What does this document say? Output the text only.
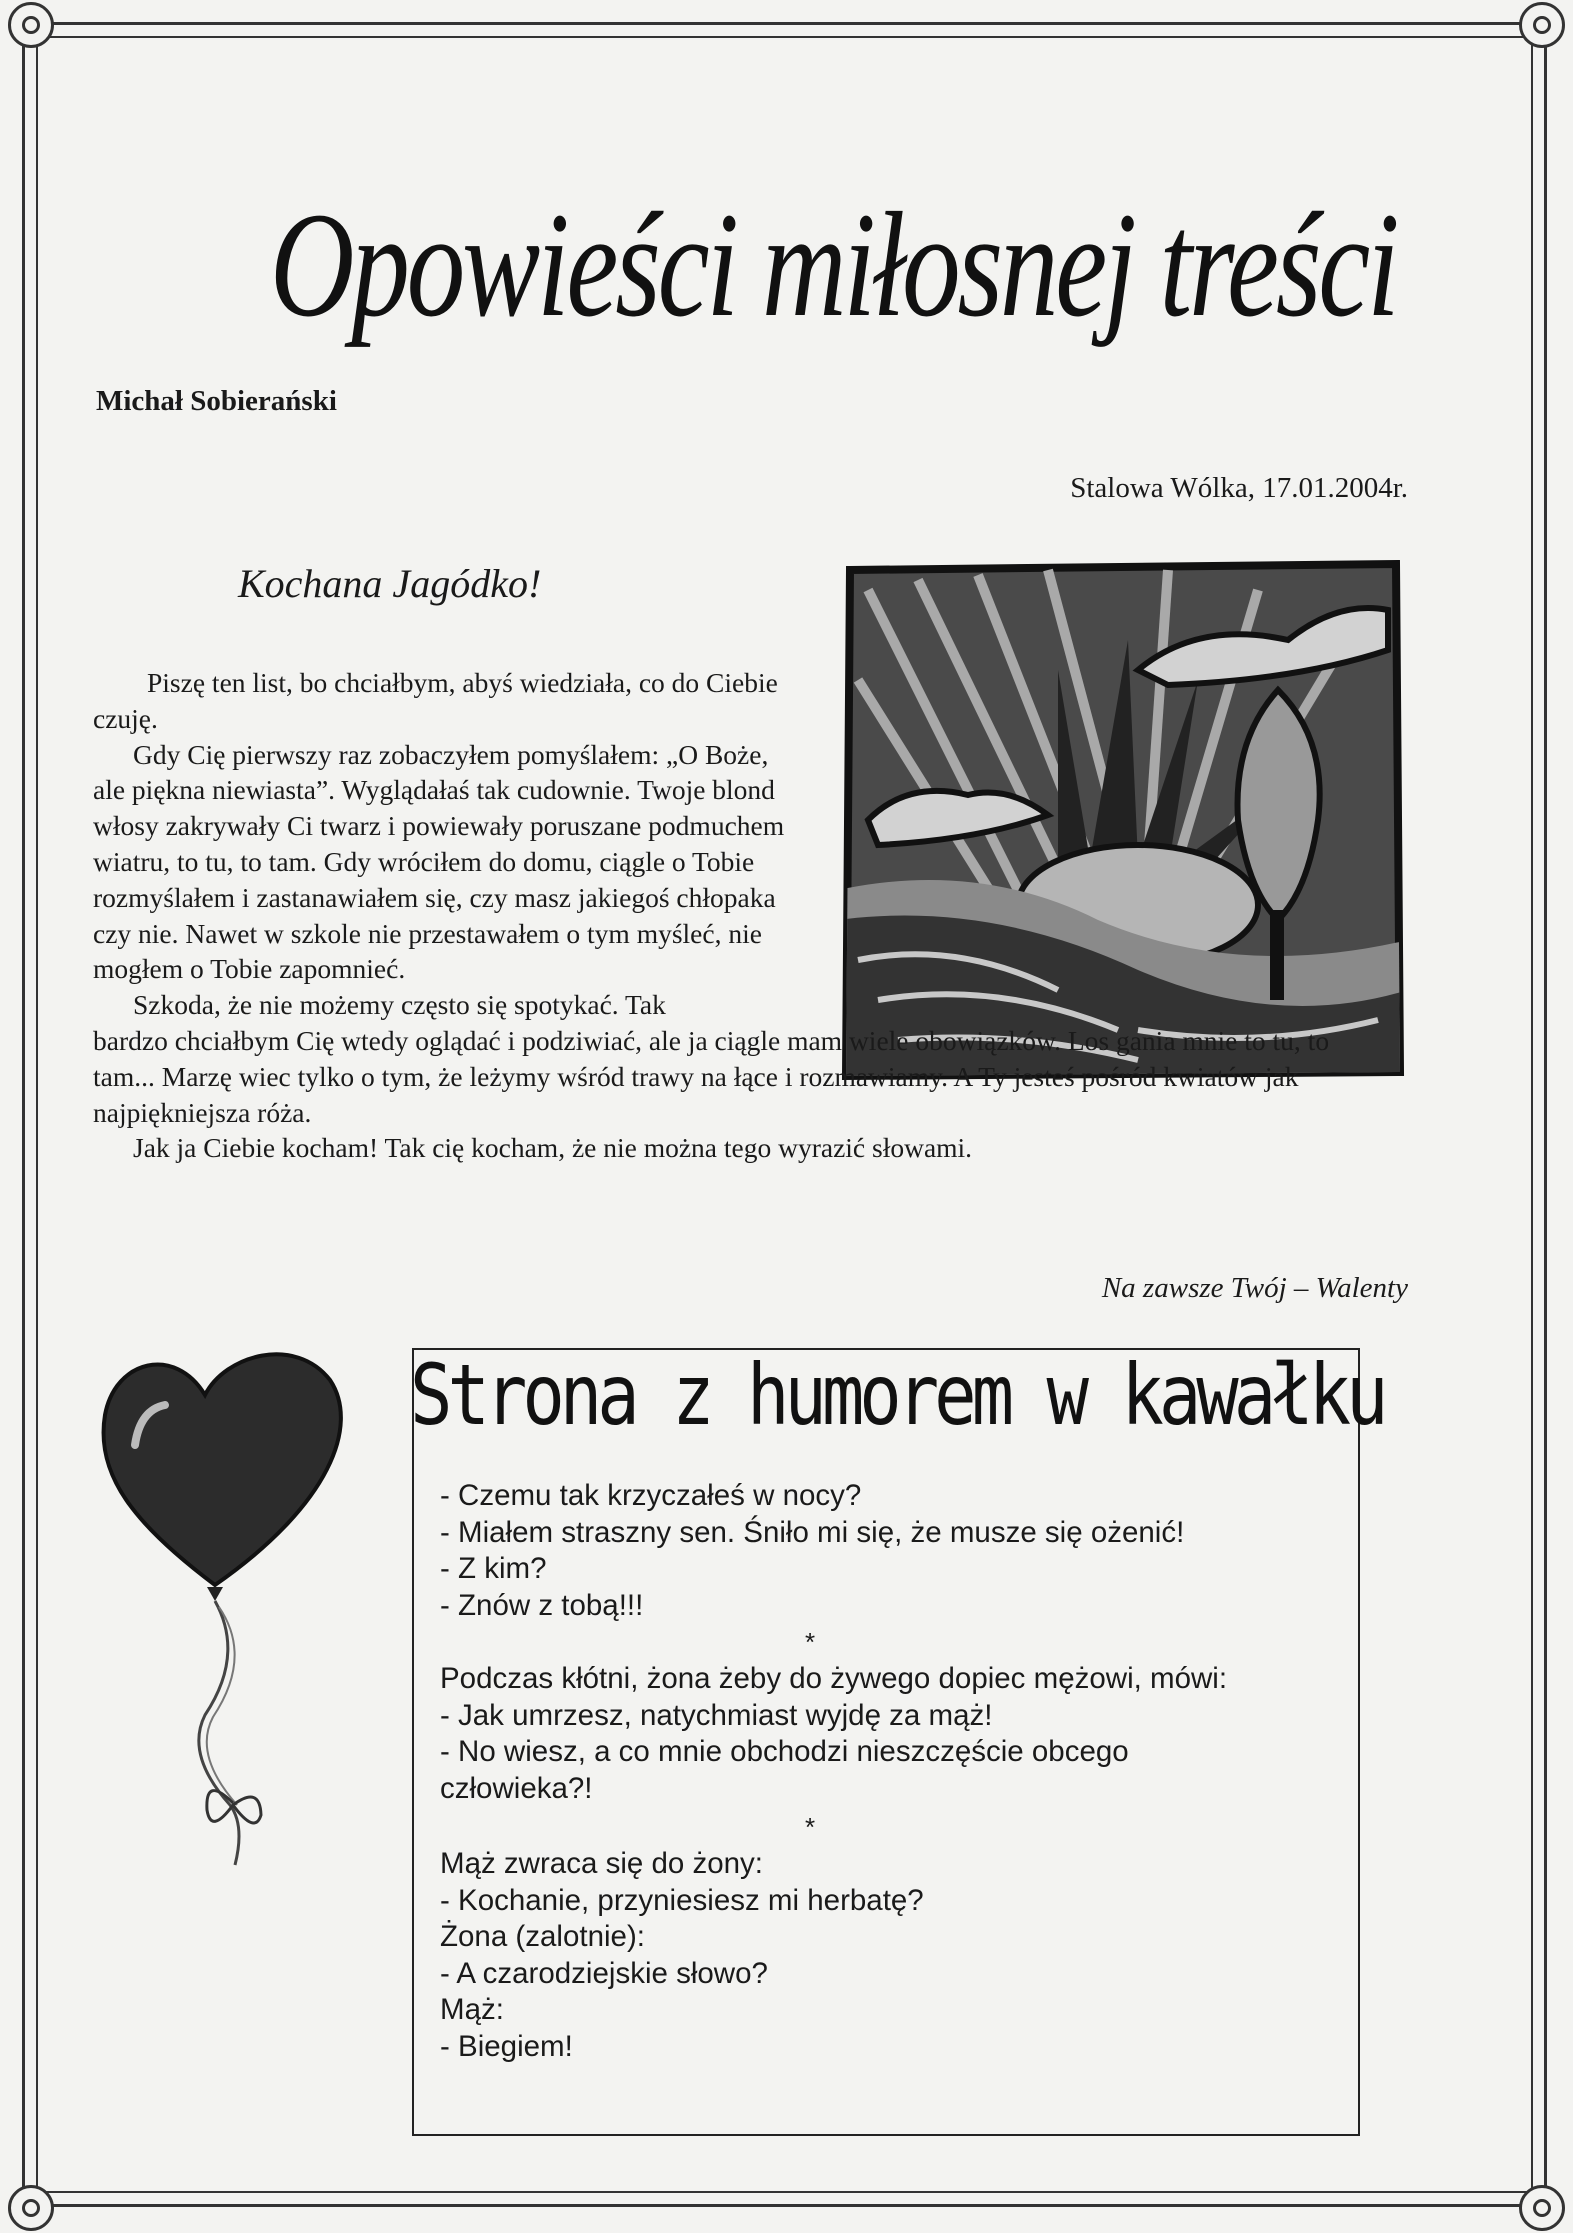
Opowieści miłosnej treści
Michał Sobierański
Stalowa Wólka, 17.01.2004r.
Kochana Jagódko!

Piszę ten list, bo chciałbym, abyś wiedziała, co do Ciebie czuję.

Gdy Cię pierwszy raz zobaczyłem pomyślałem: „O Boże, ale piękna niewiasta”. Wyglądałaś tak cudownie. Twoje blond włosy zakrywały Ci twarz i powiewały poruszane podmuchem wiatru, to tu, to tam. Gdy wróciłem do domu, ciągle o Tobie rozmyślałem i zastanawiałem się, czy masz jakiegoś chłopaka czy nie. Nawet w szkole nie przestawałem o tym myśleć, nie mogłem o Tobie zapomnieć.

Szkoda, że nie możemy często się spotykać. Tak

bardzo chciałbym Cię wtedy oglądać i podziwiać, ale ja ciągle mam wiele obowiązków. Los gania mnie to tu, to tam... Marzę wiec tylko o tym, że leżymy wśród trawy na łące i rozmawiamy. A Ty jesteś pośród kwiatów jak najpiękniejsza róża.

Jak ja Ciebie kocham! Tak cię kocham, że nie można tego wyrazić słowami.

Na zawsze Twój – Walenty
Strona z humorem w kawałku
- Czemu tak krzyczałeś w nocy?
- Miałem straszny sen. Śniło mi się, że musze się ożenić!
- Z kim?
- Znów z tobą!!!
*
Podczas kłótni, żona żeby do żywego dopiec mężowi, mówi:
- Jak umrzesz, natychmiast wyjdę za mąż!
- No wiesz, a co mnie obchodzi nieszczęście obcego
człowieka?!
*
Mąż zwraca się do żony:
- Kochanie, przyniesiesz mi herbatę?
Żona (zalotnie):
- A czarodziejskie słowo?
Mąż:
- Biegiem!
